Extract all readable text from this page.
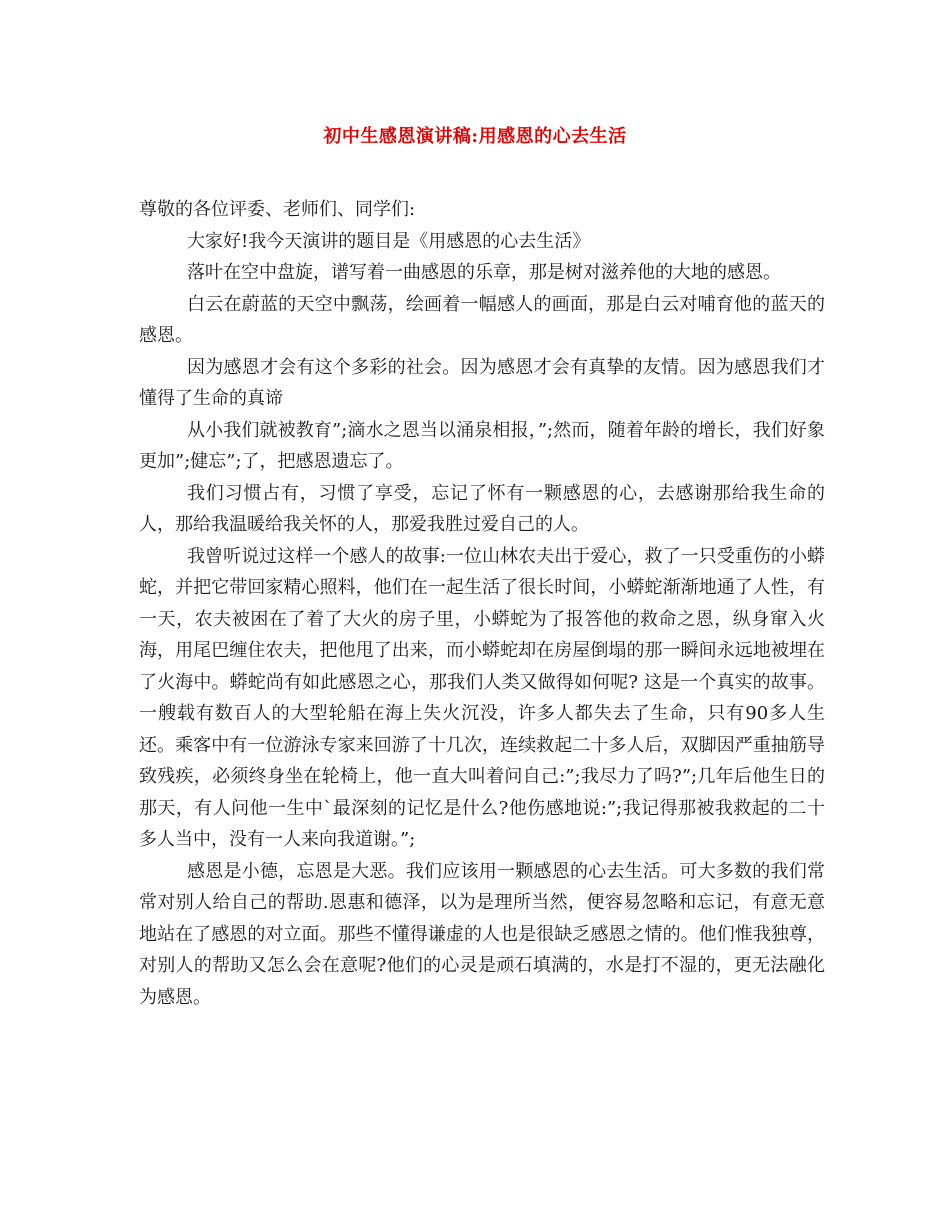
初中生感恩演讲稿:用感恩的心去生活

尊敬的各位评委、老师们、同学们:

大家好!我今天演讲的题目是《用感恩的心去生活》

落叶在空中盘旋，谱写着一曲感恩的乐章，那是树对滋养他的大地的感恩。

白云在蔚蓝的天空中飘荡，绘画着一幅感人的画面，那是白云对哺育他的蓝天的感恩。

因为感恩才会有这个多彩的社会。因为感恩才会有真挚的友情。因为感恩我们才懂得了生命的真谛

从小我们就被教育”;滴水之恩当以涌泉相报，”;然而，随着年龄的增长，我们好象更加”;健忘”;了，把感恩遗忘了。

我们习惯占有，习惯了享受，忘记了怀有一颗感恩的心，去感谢那给我生命的人，那给我温暖给我关怀的人，那爱我胜过爱自己的人。

我曾听说过这样一个感人的故事:一位山林农夫出于爱心，救了一只受重伤的小蟒蛇，并把它带回家精心照料，他们在一起生活了很长时间，小蟒蛇渐渐地通了人性，有一天，农夫被困在了着了大火的房子里，小蟒蛇为了报答他的救命之恩，纵身窜入火海，用尾巴缠住农夫，把他甩了出来，而小蟒蛇却在房屋倒塌的那一瞬间永远地被埋在了火海中。蟒蛇尚有如此感恩之心，那我们人类又做得如何呢? 这是一个真实的故事。一艘载有数百人的大型轮船在海上失火沉没，许多人都失去了生命，只有90多人生还。乘客中有一位游泳专家来回游了十几次，连续救起二十多人后，双脚因严重抽筋导致残疾，必须终身坐在轮椅上，他一直大叫着问自己:”;我尽力了吗?”;几年后他生日的那天，有人问他一生中`最深刻的记忆是什么?他伤感地说:”;我记得那被我救起的二十多人当中，没有一人来向我道谢。”;

感恩是小德，忘恩是大恶。我们应该用一颗感恩的心去生活。可大多数的我们常常对别人给自己的帮助.恩惠和德泽，以为是理所当然，便容易忽略和忘记，有意无意地站在了感恩的对立面。那些不懂得谦虚的人也是很缺乏感恩之情的。他们惟我独尊，对别人的帮助又怎么会在意呢?他们的心灵是顽石填满的，水是打不湿的，更无法融化为感恩。
